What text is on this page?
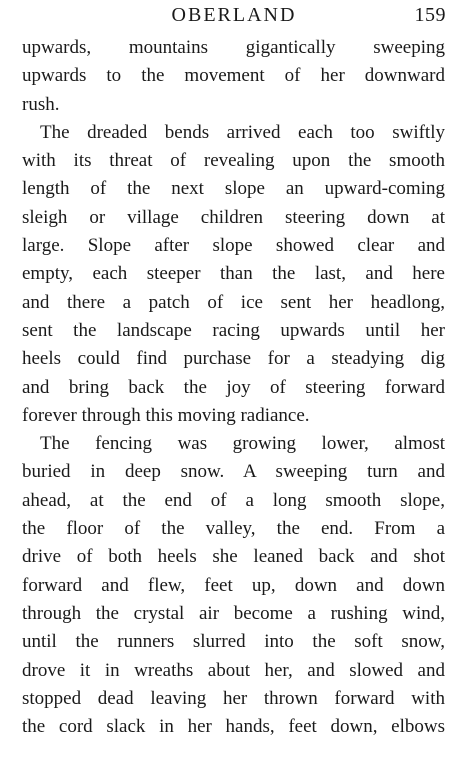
OBERLAND	159
upwards, mountains gigantically sweeping
upwards to the movement of her downward
rush.
The dreaded bends arrived each too swiftly
with its threat of revealing upon the smooth
length of the next slope an upward-coming
sleigh or village children steering down at
large. Slope after slope showed clear and
empty, each steeper than the last, and here
and there a patch of ice sent her headlong,
sent the landscape racing upwards until her
heels could find purchase for a steadying dig
and bring back the joy of steering forward
forever through this moving radiance.
The fencing was growing lower, almost
buried in deep snow. A sweeping turn and
ahead, at the end of a long smooth slope,
the floor of the valley, the end. From a
drive of both heels she leaned back and shot
forward and flew, feet up, down and down
through the crystal air become a rushing wind,
until the runners slurred into the soft snow,
drove it in wreaths about her, and slowed and
stopped dead leaving her thrown forward with
the cord slack in her hands, feet down, elbows
